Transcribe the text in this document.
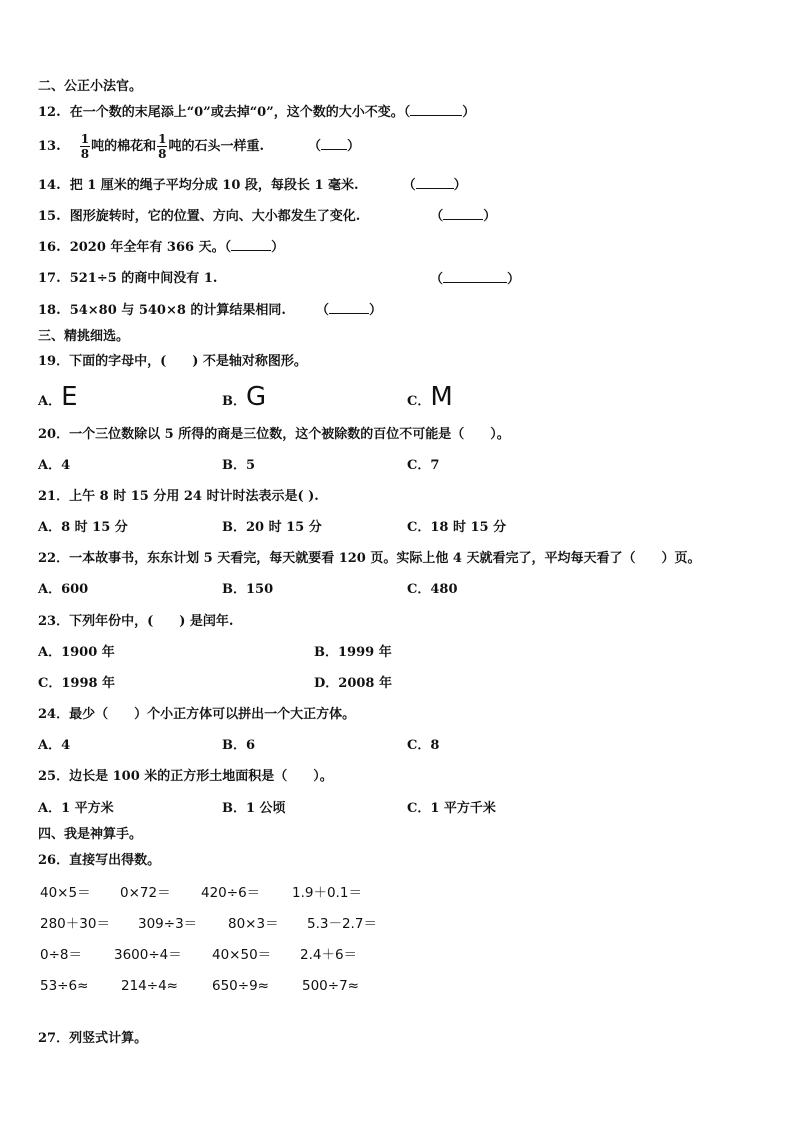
二、公正小法官。
12. 在一个数的末尾添上“0”或去掉“0”，这个数的大小不变。（	）
13. $\frac{1}{8}$ 吨的棉花和 $\frac{1}{8}$ 吨的石头一样重.	（ ）
14. 把 1 厘米的绳子平均分成 10 段，每段长 1 毫米.	（	）
15. 图形旋转时，它的位置、方向、大小都发生了变化.	（	）
16. 2020 年全年有 366 天。（	）
17. 521÷5 的商中间没有 1.	（	）
18. 54×80 与 540×8 的计算结果相同. （	）
三、精挑细选。
19．下面的字母中，(　　) 不是轴对称图形。
A．E	B．G	C．M
20．一个三位数除以 5 所得的商是三位数，这个被除数的百位不可能是（　　）。
A．4	B．5	C．7
21．上午 8 时 15 分用 24 时计时法表示是( ).
A．8 时 15 分	B．20 时 15 分	C．18 时 15 分
22．一本故事书，东东计划 5 天看完，每天就要看 120 页。实际上他 4 天就看完了，平均每天看了（　　）页。
A．600	B．150	C．480
23．下列年份中，(　　) 是闰年.
A．1900 年	B．1999 年
C．1998 年	D．2008 年
24．最少（　　）个小正方体可以拼出一个大正方体。
A．4	B．6	C．8
25．边长是 100 米的正方形土地面积是（　　）。
A．1 平方米	B．1 公顷	C．1 平方千米
四、我是神算手。
26．直接写出得数。
40×5＝ 0×72＝ 420÷6＝ 1.9＋0.1＝
280＋30＝ 309÷3＝ 80×3＝ 5.3－2.7＝
0÷8＝ 3600÷4＝ 40×50＝ 2.4＋6＝
53÷6≈ 214÷4≈	650÷9≈ 500÷7≈
27．列竖式计算。
